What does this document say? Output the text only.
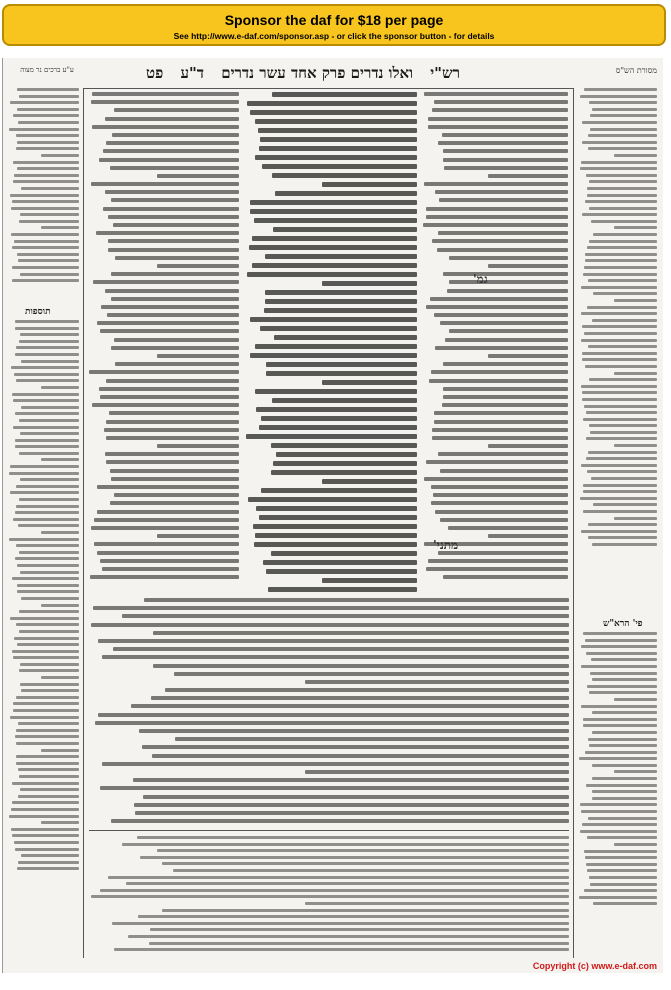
Sponsor the daf for $18 per page
See http://www.e-daf.com/sponsor.asp - or click the sponsor button - for details
רש"י ואלו נדרים פרק אחד עשר נדרים ד"ע פט	מסורת הש"ס
ע"ע ברכים נר מצוה
תוספות
פי' הרא"ש
גמ'
מתני'
Copyright (c) www.e-daf.com
